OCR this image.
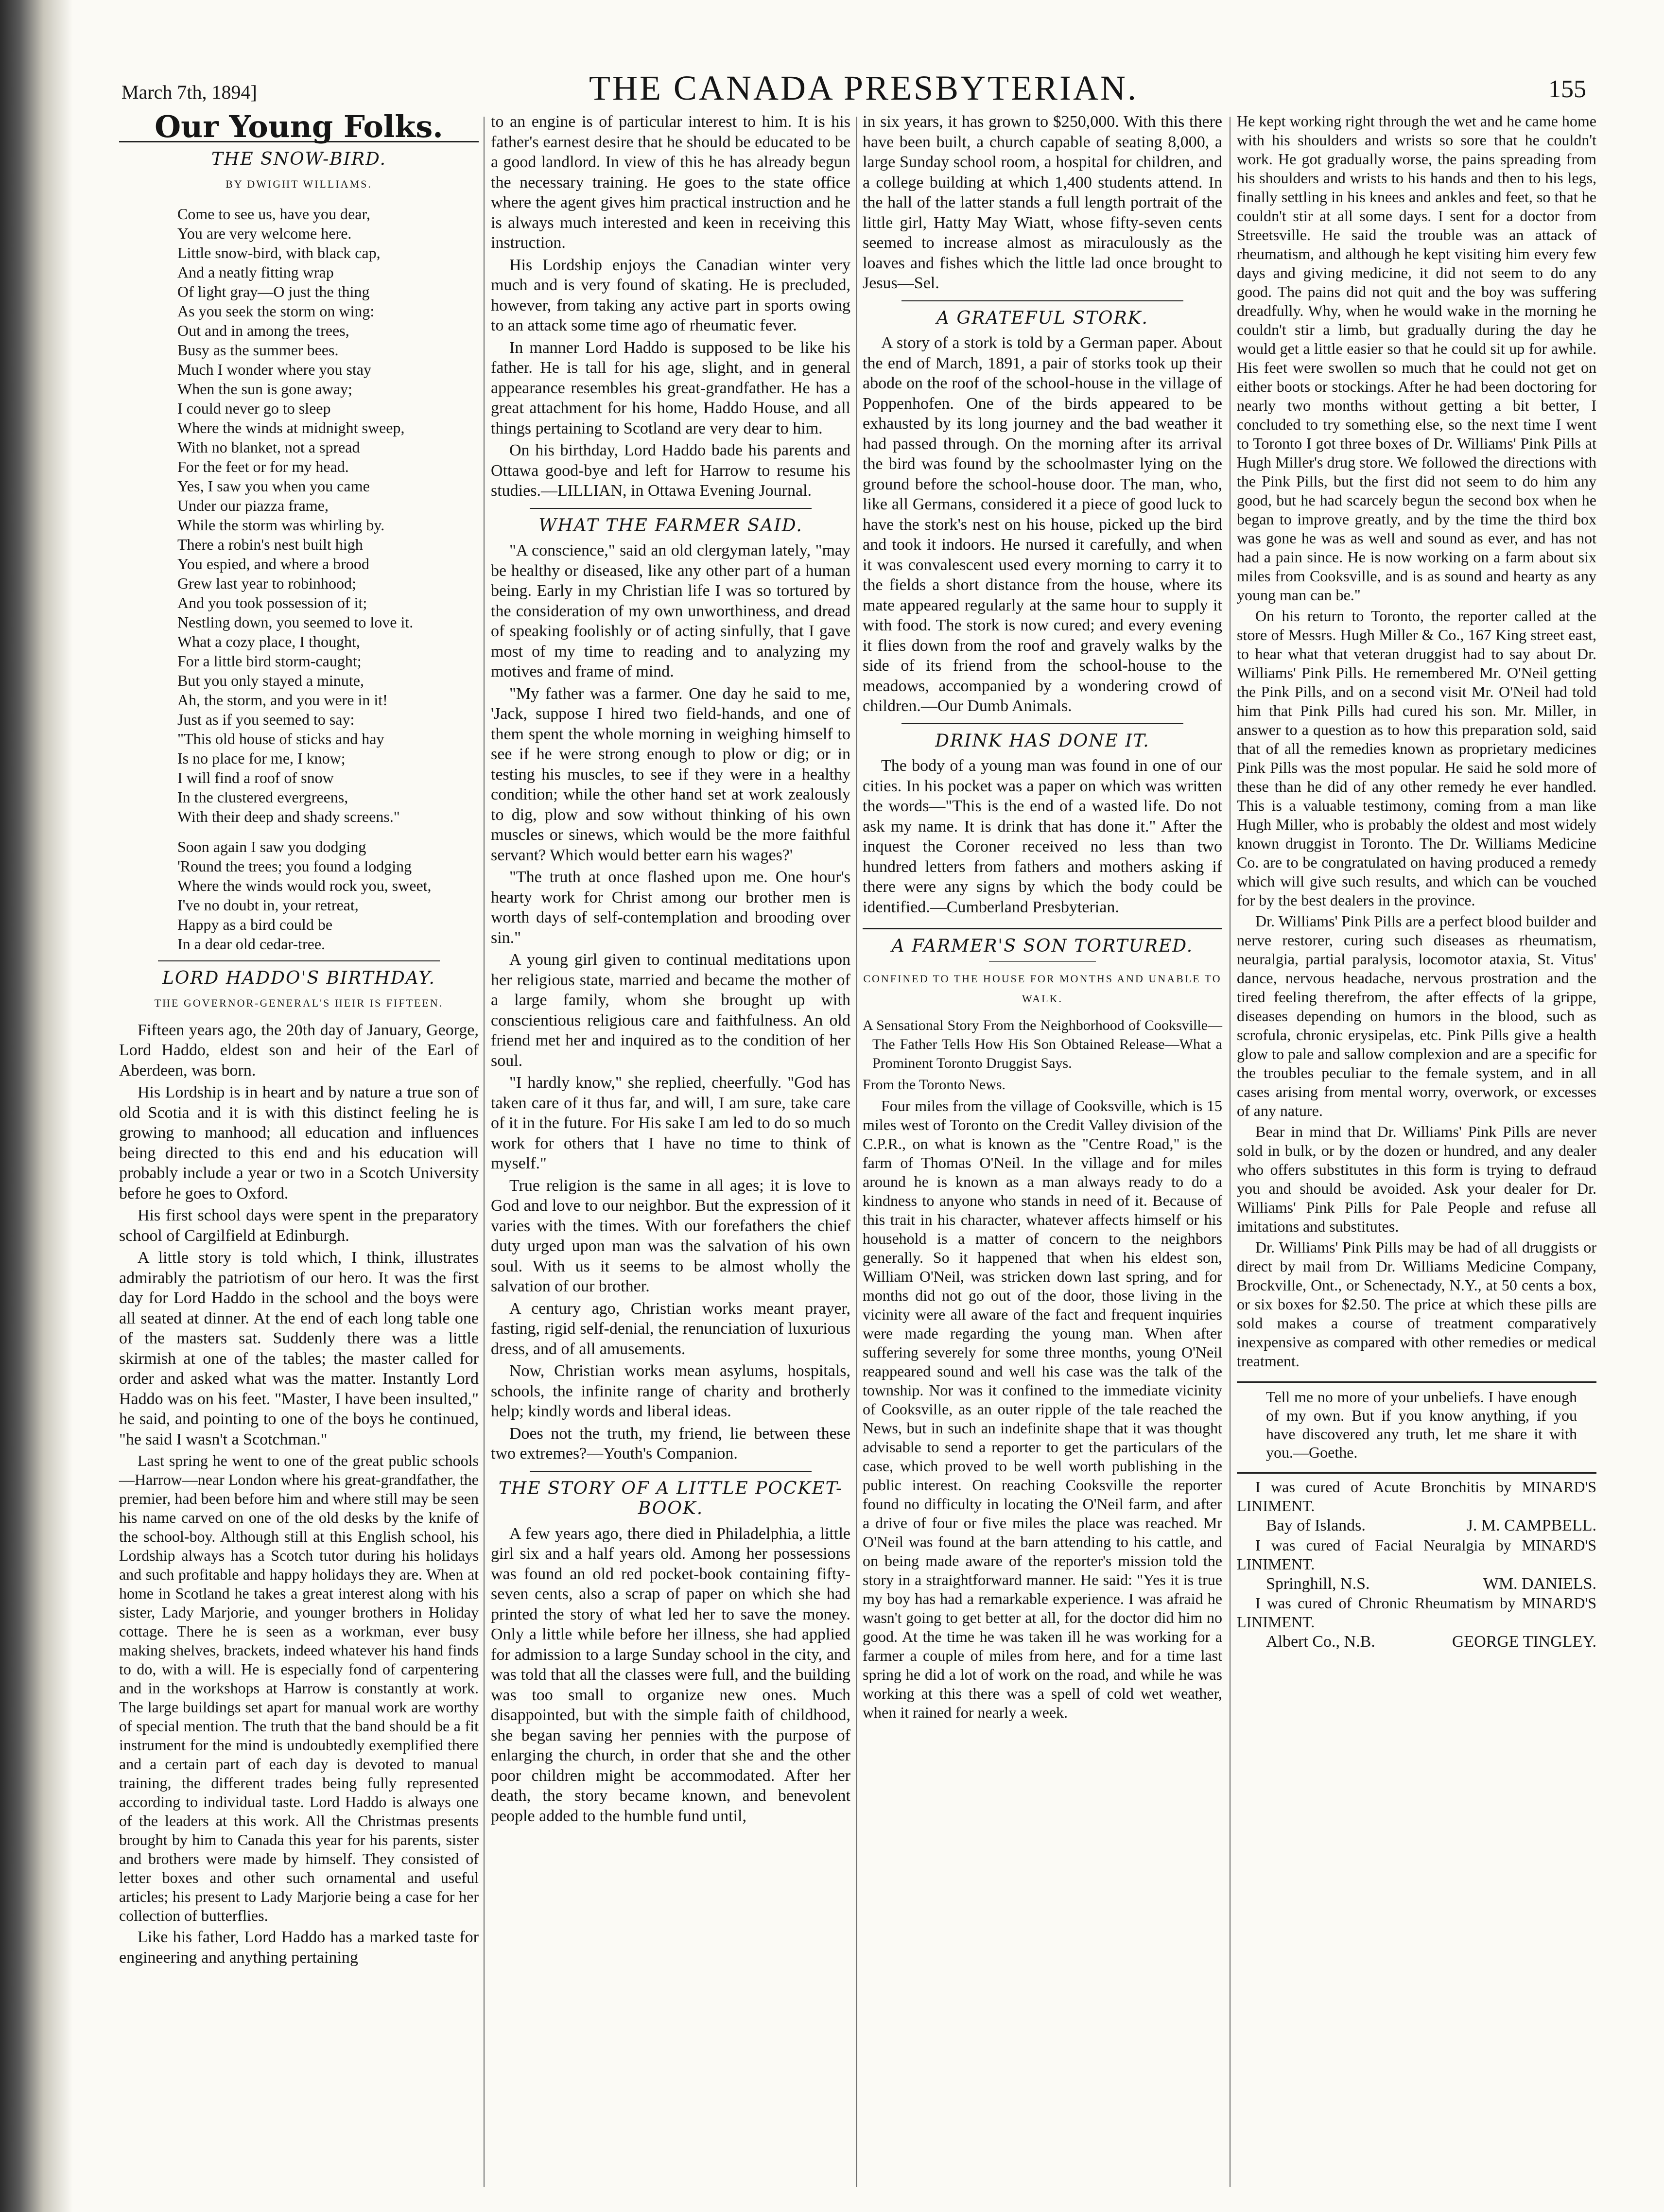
March 7th, 1894]	THE CANADA PRESBYTERIAN.	155
Our Young Folks.
THE SNOW-BIRD.
BY DWIGHT WILLIAMS.
Come to see us, have you dear,
You are very welcome here.
Little snow-bird, with black cap,
And a neatly fitting wrap
Of light gray—O just the thing
As you seek the storm on wing:
Out and in among the trees,
Busy as the summer bees.
Much I wonder where you stay
When the sun is gone away;
I could never go to sleep
Where the winds at midnight sweep,
With no blanket, not a spread
For the feet or for my head.
Yes, I saw you when you came
Under our piazza frame,
While the storm was whirling by.
There a robin's nest built high
You espied, and where a brood
Grew last year to robinhood;
And you took possession of it;
Nestling down, you seemed to love it.
What a cozy place, I thought,
For a little bird storm-caught;
But you only stayed a minute,
Ah, the storm, and you were in it!
Just as if you seemed to say:
"This old house of sticks and hay
Is no place for me, I know;
I will find a roof of snow
In the clustered evergreens,
With their deep and shady screens."
Soon again I saw you dodging
'Round the trees; you found a lodging
Where the winds would rock you, sweet,
I've no doubt in, your retreat,
Happy as a bird could be
In a dear old cedar-tree.
LORD HADDO'S BIRTHDAY.
THE GOVERNOR-GENERAL'S HEIR IS FIFTEEN.

Fifteen years ago, the 20th day of January, George, Lord Haddo, eldest son and heir of the Earl of Aberdeen, was born.

His Lordship is in heart and by nature a true son of old Scotia and it is with this distinct feeling he is growing to manhood; all education and influences being directed to this end and his education will probably include a year or two in a Scotch University before he goes to Oxford.

His first school days were spent in the preparatory school of Cargilfield at Edinburgh.

A little story is told which, I think, illustrates admirably the patriotism of our hero. It was the first day for Lord Haddo in the school and the boys were all seated at dinner. At the end of each long table one of the masters sat. Suddenly there was a little skirmish at one of the tables; the master called for order and asked what was the matter. Instantly Lord Haddo was on his feet. "Master, I have been insulted," he said, and pointing to one of the boys he continued, "he said I wasn't a Scotchman."

Last spring he went to one of the great public schools—Harrow—near London where his great-grandfather, the premier, had been before him and where still may be seen his name carved on one of the old desks by the knife of the school-boy. Although still at this English school, his Lordship always has a Scotch tutor during his holidays and such profitable and happy holidays they are. When at home in Scotland he takes a great interest along with his sister, Lady Marjorie, and younger brothers in Holiday cottage. There he is seen as a workman, ever busy making shelves, brackets, indeed whatever his hand finds to do, with a will. He is especially fond of carpentering and in the workshops at Harrow is constantly at work. The large buildings set apart for manual work are worthy of special mention. The truth that the band should be a fit instrument for the mind is undoubtedly exemplified there and a certain part of each day is devoted to manual training, the different trades being fully represented according to individual taste. Lord Haddo is always one of the leaders at this work. All the Christmas presents brought by him to Canada this year for his parents, sister and brothers were made by himself. They consisted of letter boxes and other such ornamental and useful articles; his present to Lady Marjorie being a case for her collection of butterflies.

Like his father, Lord Haddo has a marked taste for engineering and anything pertaining

to an engine is of particular interest to him. It is his father's earnest desire that he should be educated to be a good landlord. In view of this he has already begun the necessary training. He goes to the state office where the agent gives him practical instruction and he is always much interested and keen in receiving this instruction.

His Lordship enjoys the Canadian winter very much and is very found of skating. He is precluded, however, from taking any active part in sports owing to an attack some time ago of rheumatic fever.

In manner Lord Haddo is supposed to be like his father. He is tall for his age, slight, and in general appearance resembles his great-grandfather. He has a great attachment for his home, Haddo House, and all things pertaining to Scotland are very dear to him.

On his birthday, Lord Haddo bade his parents and Ottawa good-bye and left for Harrow to resume his studies.—LILLIAN, in Ottawa Evening Journal.

WHAT THE FARMER SAID.

"A conscience," said an old clergyman lately, "may be healthy or diseased, like any other part of a human being. Early in my Christian life I was so tortured by the consideration of my own unworthiness, and dread of speaking foolishly or of acting sinfully, that I gave most of my time to reading and to analyzing my motives and frame of mind.

"My father was a farmer. One day he said to me, 'Jack, suppose I hired two field-hands, and one of them spent the whole morning in weighing himself to see if he were strong enough to plow or dig; or in testing his muscles, to see if they were in a healthy condition; while the other hand set at work zealously to dig, plow and sow without thinking of his own muscles or sinews, which would be the more faithful servant? Which would better earn his wages?'

"The truth at once flashed upon me. One hour's hearty work for Christ among our brother men is worth days of self-contemplation and brooding over sin."

A young girl given to continual meditations upon her religious state, married and became the mother of a large family, whom she brought up with conscientious religious care and faithfulness. An old friend met her and inquired as to the condition of her soul.

"I hardly know," she replied, cheerfully. "God has taken care of it thus far, and will, I am sure, take care of it in the future. For His sake I am led to do so much work for others that I have no time to think of myself."

True religion is the same in all ages; it is love to God and love to our neighbor. But the expression of it varies with the times. With our forefathers the chief duty urged upon man was the salvation of his own soul. With us it seems to be almost wholly the salvation of our brother.

A century ago, Christian works meant prayer, fasting, rigid self-denial, the renunciation of luxurious dress, and of all amusements.

Now, Christian works mean asylums, hospitals, schools, the infinite range of charity and brotherly help; kindly words and liberal ideas.

Does not the truth, my friend, lie between these two extremes?—Youth's Companion.

THE STORY OF A LITTLE POCKET-BOOK.

A few years ago, there died in Philadelphia, a little girl six and a half years old. Among her possessions was found an old red pocket-book containing fifty-seven cents, also a scrap of paper on which she had printed the story of what led her to save the money. Only a little while before her illness, she had applied for admission to a large Sunday school in the city, and was told that all the classes were full, and the building was too small to organize new ones. Much disappointed, but with the simple faith of childhood, she began saving her pennies with the purpose of enlarging the church, in order that she and the other poor children might be accommodated. After her death, the story became known, and benevolent people added to the humble fund until,

in six years, it has grown to $250,000. With this there have been built, a church capable of seating 8,000, a large Sunday school room, a hospital for children, and a college building at which 1,400 students attend. In the hall of the latter stands a full length portrait of the little girl, Hatty May Wiatt, whose fifty-seven cents seemed to increase almost as miraculously as the loaves and fishes which the little lad once brought to Jesus—Sel.

A GRATEFUL STORK.

A story of a stork is told by a German paper. About the end of March, 1891, a pair of storks took up their abode on the roof of the school-house in the village of Poppenhofen. One of the birds appeared to be exhausted by its long journey and the bad weather it had passed through. On the morning after its arrival the bird was found by the schoolmaster lying on the ground before the school-house door. The man, who, like all Germans, considered it a piece of good luck to have the stork's nest on his house, picked up the bird and took it indoors. He nursed it carefully, and when it was convalescent used every morning to carry it to the fields a short distance from the house, where its mate appeared regularly at the same hour to supply it with food. The stork is now cured; and every evening it flies down from the roof and gravely walks by the side of its friend from the school-house to the meadows, accompanied by a wondering crowd of children.—Our Dumb Animals.

DRINK HAS DONE IT.

The body of a young man was found in one of our cities. In his pocket was a paper on which was written the words—"This is the end of a wasted life. Do not ask my name. It is drink that has done it." After the inquest the Coroner received no less than two hundred letters from fathers and mothers asking if there were any signs by which the body could be identified.—Cumberland Presbyterian.

A FARMER'S SON TORTURED.
CONFINED TO THE HOUSE FOR MONTHS AND UNABLE TO WALK.

A Sensational Story From the Neighborhood of Cooksville—The Father Tells How His Son Obtained Release—What a Prominent Toronto Druggist Says.

From the Toronto News.

Four miles from the village of Cooksville, which is 15 miles west of Toronto on the Credit Valley division of the C.P.R., on what is known as the "Centre Road," is the farm of Thomas O'Neil. In the village and for miles around he is known as a man always ready to do a kindness to anyone who stands in need of it. Because of this trait in his character, whatever affects himself or his household is a matter of concern to the neighbors generally. So it happened that when his eldest son, William O'Neil, was stricken down last spring, and for months did not go out of the door, those living in the vicinity were all aware of the fact and frequent inquiries were made regarding the young man. When after suffering severely for some three months, young O'Neil reappeared sound and well his case was the talk of the township. Nor was it confined to the immediate vicinity of Cooksville, as an outer ripple of the tale reached the News, but in such an indefinite shape that it was thought advisable to send a reporter to get the particulars of the case, which proved to be well worth publishing in the public interest. On reaching Cooksville the reporter found no difficulty in locating the O'Neil farm, and after a drive of four or five miles the place was reached. Mr O'Neil was found at the barn attending to his cattle, and on being made aware of the reporter's mission told the story in a straightforward manner. He said: "Yes it is true my boy has had a remarkable experience. I was afraid he wasn't going to get better at all, for the doctor did him no good. At the time he was taken ill he was working for a farmer a couple of miles from here, and for a time last spring he did a lot of work on the road, and while he was working at this there was a spell of cold wet weather, when it rained for nearly a week.

He kept working right through the wet and he came home with his shoulders and wrists so sore that he couldn't work. He got gradually worse, the pains spreading from his shoulders and wrists to his hands and then to his legs, finally settling in his knees and ankles and feet, so that he couldn't stir at all some days. I sent for a doctor from Streetsville. He said the trouble was an attack of rheumatism, and although he kept visiting him every few days and giving medicine, it did not seem to do any good. The pains did not quit and the boy was suffering dreadfully. Why, when he would wake in the morning he couldn't stir a limb, but gradually during the day he would get a little easier so that he could sit up for awhile. His feet were swollen so much that he could not get on either boots or stockings. After he had been doctoring for nearly two months without getting a bit better, I concluded to try something else, so the next time I went to Toronto I got three boxes of Dr. Williams' Pink Pills at Hugh Miller's drug store. We followed the directions with the Pink Pills, but the first did not seem to do him any good, but he had scarcely begun the second box when he began to improve greatly, and by the time the third box was gone he was as well and sound as ever, and has not had a pain since. He is now working on a farm about six miles from Cooksville, and is as sound and hearty as any young man can be."

On his return to Toronto, the reporter called at the store of Messrs. Hugh Miller & Co., 167 King street east, to hear what that veteran druggist had to say about Dr. Williams' Pink Pills. He remembered Mr. O'Neil getting the Pink Pills, and on a second visit Mr. O'Neil had told him that Pink Pills had cured his son. Mr. Miller, in answer to a question as to how this preparation sold, said that of all the remedies known as proprietary medicines Pink Pills was the most popular. He said he sold more of these than he did of any other remedy he ever handled. This is a valuable testimony, coming from a man like Hugh Miller, who is probably the oldest and most widely known druggist in Toronto. The Dr. Williams Medicine Co. are to be congratulated on having produced a remedy which will give such results, and which can be vouched for by the best dealers in the province.

Dr. Williams' Pink Pills are a perfect blood builder and nerve restorer, curing such diseases as rheumatism, neuralgia, partial paralysis, locomotor ataxia, St. Vitus' dance, nervous headache, nervous prostration and the tired feeling therefrom, the after effects of la grippe, diseases depending on humors in the blood, such as scrofula, chronic erysipelas, etc. Pink Pills give a health glow to pale and sallow complexion and are a specific for the troubles peculiar to the female system, and in all cases arising from mental worry, overwork, or excesses of any nature.

Bear in mind that Dr. Williams' Pink Pills are never sold in bulk, or by the dozen or hundred, and any dealer who offers substitutes in this form is trying to defraud you and should be avoided. Ask your dealer for Dr. Williams' Pink Pills for Pale People and refuse all imitations and substitutes.

Dr. Williams' Pink Pills may be had of all druggists or direct by mail from Dr. Williams Medicine Company, Brockville, Ont., or Schenectady, N.Y., at 50 cents a box, or six boxes for $2.50. The price at which these pills are sold makes a course of treatment comparatively inexpensive as compared with other remedies or medical treatment.

Tell me no more of your unbeliefs. I have enough of my own. But if you know anything, if you have discovered any truth, let me share it with you.—Goethe.

I was cured of Acute Bronchitis by MINARD'S LINIMENT.

Bay of Islands.	J. M. CAMPBELL.

I was cured of Facial Neuralgia by MINARD'S LINIMENT.

Springhill, N.S.	WM. DANIELS.

I was cured of Chronic Rheumatism by MINARD'S LINIMENT.

Albert Co., N.B.	GEORGE TINGLEY.
